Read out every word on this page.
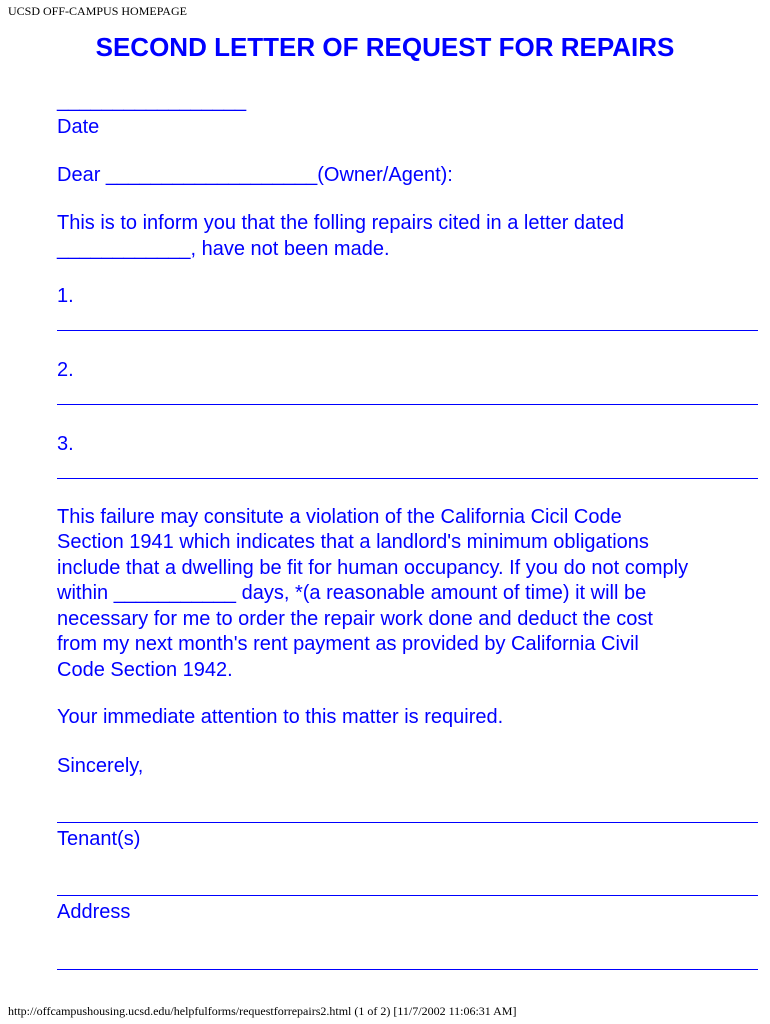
UCSD OFF-CAMPUS HOMEPAGE
SECOND LETTER OF REQUEST FOR REPAIRS
_________________
Date
Dear ___________________(Owner/Agent):
This is to inform you that the folling repairs cited in a letter dated
____________, have not been made.
1.
2.
3.
This failure may consitute a violation of the California Cicil Code
Section 1941 which indicates that a landlord's minimum obligations
include that a dwelling be fit for human occupancy. If you do not comply
within ___________ days, *(a reasonable amount of time) it will be
necessary for me to order the repair work done and deduct the cost
from my next month's rent payment as provided by California Civil
Code Section 1942.
Your immediate attention to this matter is required.
Sincerely,
Tenant(s)
Address
http://offcampushousing.ucsd.edu/helpfulforms/requestforrepairs2.html (1 of 2) [11/7/2002 11:06:31 AM]
